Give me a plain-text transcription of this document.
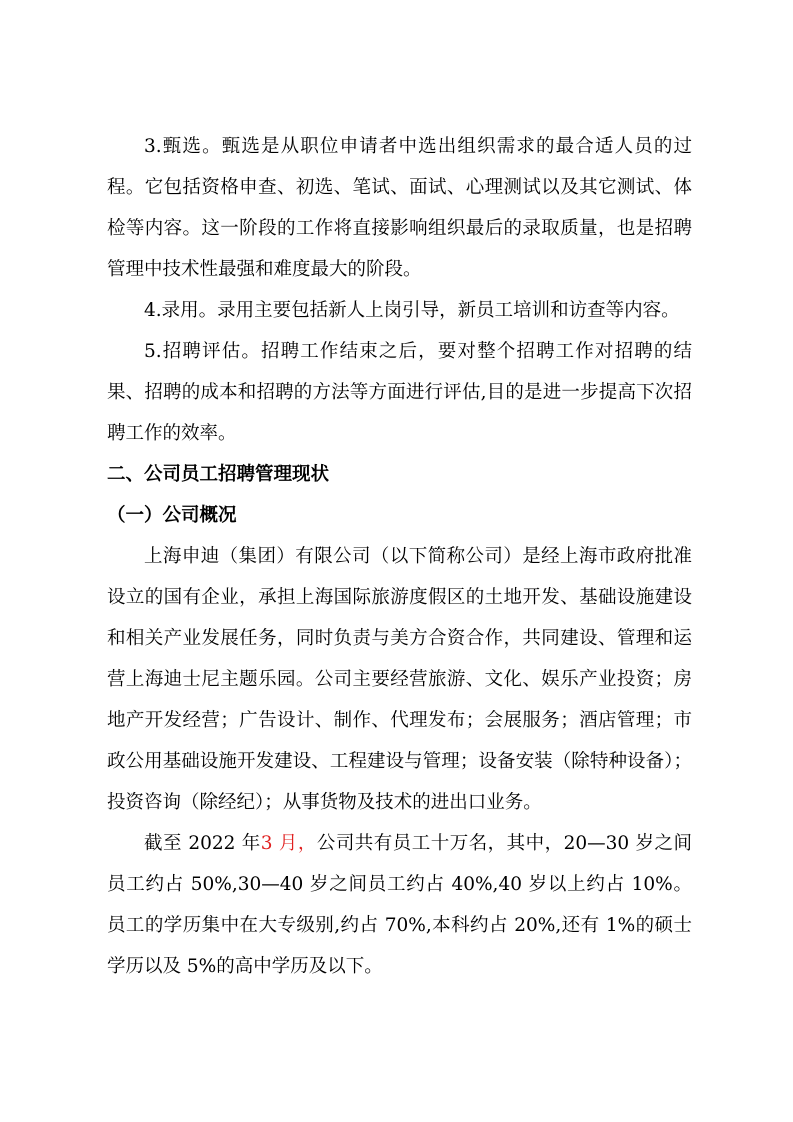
3.甄选。甄选是从职位申请者中选出组织需求的最合适人员的过程。它包括资格申查、初选、笔试、面试、心理测试以及其它测试、体检等内容。这一阶段的工作将直接影响组织最后的录取质量，也是招聘管理中技术性最强和难度最大的阶段。

4.录用。录用主要包括新人上岗引导，新员工培训和访查等内容。

5.招聘评估。招聘工作结束之后，要对整个招聘工作对招聘的结果、招聘的成本和招聘的方法等方面进行评估,目的是进一步提高下次招聘工作的效率。

二、公司员工招聘管理现状

（一）公司概况

上海申迪（集团）有限公司（以下简称公司）是经上海市政府批准设立的国有企业，承担上海国际旅游度假区的土地开发、基础设施建设和相关产业发展任务，同时负责与美方合资合作，共同建设、管理和运营上海迪士尼主题乐园。公司主要经营旅游、文化、娱乐产业投资；房地产开发经营；广告设计、制作、代理发布；会展服务；酒店管理；市政公用基础设施开发建设、工程建设与管理；设备安装（除特种设备）；投资咨询（除经纪）；从事货物及技术的进出口业务。

截至 2022 年3 月，公司共有员工十万名，其中，20—30 岁之间员工约占 50%,30—40 岁之间员工约占 40%,40 岁以上约占 10%。员工的学历集中在大专级别,约占 70%,本科约占 20%,还有 1%的硕士学历以及 5%的高中学历及以下。
